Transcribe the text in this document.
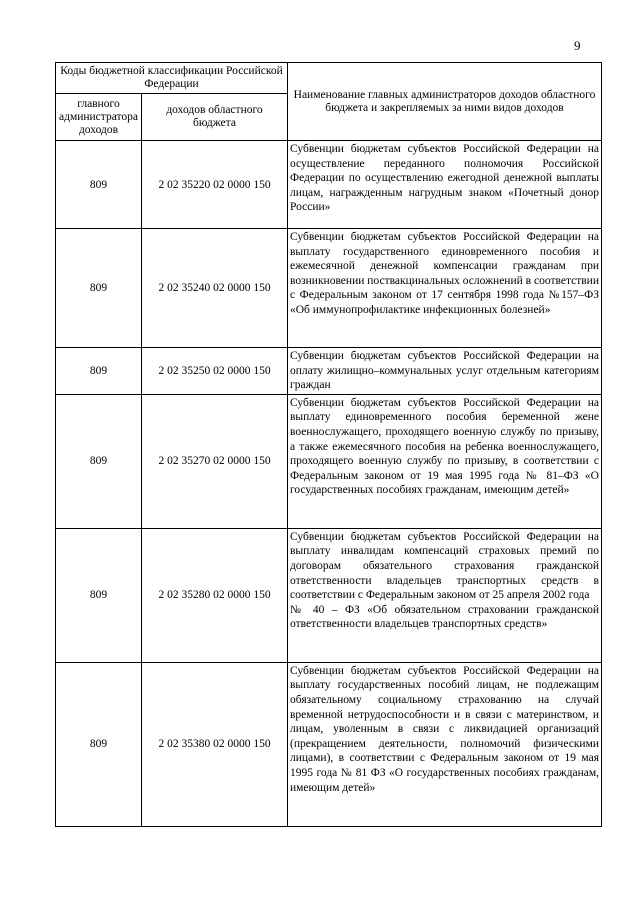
9
Коды бюджетной классификации Российской Федерации		Наименование главных администраторов доходов областного бюджета и закрепляемых за ними видов доходов
главного администратора доходов	доходов областного бюджета	
809	2 02 35220 02 0000 150	Субвенции бюджетам субъектов Российской Федерации на осуществление переданного полномочия Российской Федерации по осуществлению ежегодной денежной выплаты лицам, награжденным нагрудным знаком «Почетный донор России»
809	2 02 35240 02 0000 150	Субвенции бюджетам субъектов Российской Федерации на выплату государственного единовременного пособия и ежемесячной денежной компенсации гражданам при возникновении поствакцинальных осложнений в соответствии с Федеральным законом от 17 сентября 1998 года №157–ФЗ «Об иммунопрофилактике инфекционных болезней»
809	2 02 35250 02 0000 150	Субвенции бюджетам субъектов Российской Федерации на оплату жилищно–коммунальных услуг отдельным категориям граждан
809	2 02 35270 02 0000 150	Субвенции бюджетам субъектов Российской Федерации на выплату единовременного пособия беременной жене военнослужащего, проходящего военную службу по призыву, а также ежемесячного пособия на ребенка военнослужащего, проходящего военную службу по призыву, в соответствии с Федеральным законом от 19 мая 1995 года № 81–ФЗ «О государственных пособиях гражданам, имеющим детей»
809	2 02 35280 02 0000 150	Субвенции бюджетам субъектов Российской Федерации на выплату инвалидам компенсаций страховых премий по договорам обязательного страхования гражданской ответственности владельцев транспортных средств в соответствии с Федеральным законом от 25 апреля 2002 года
№ 40 – ФЗ «Об обязательном страховании гражданской ответственности владельцев транспортных средств»

809	2 02 35380 02 0000 150	Субвенции бюджетам субъектов Российской Федерации на выплату государственных пособий лицам, не подлежащим обязательному социальному страхованию на случай временной нетрудоспособности и в связи с материнством, и лицам, уволенным в связи с ликвидацией организаций (прекращением деятельности, полномочий физическими лицами), в соответствии с Федеральным законом от 19 мая 1995 года № 81 ФЗ «О государственных пособиях гражданам, имеющим детей»
